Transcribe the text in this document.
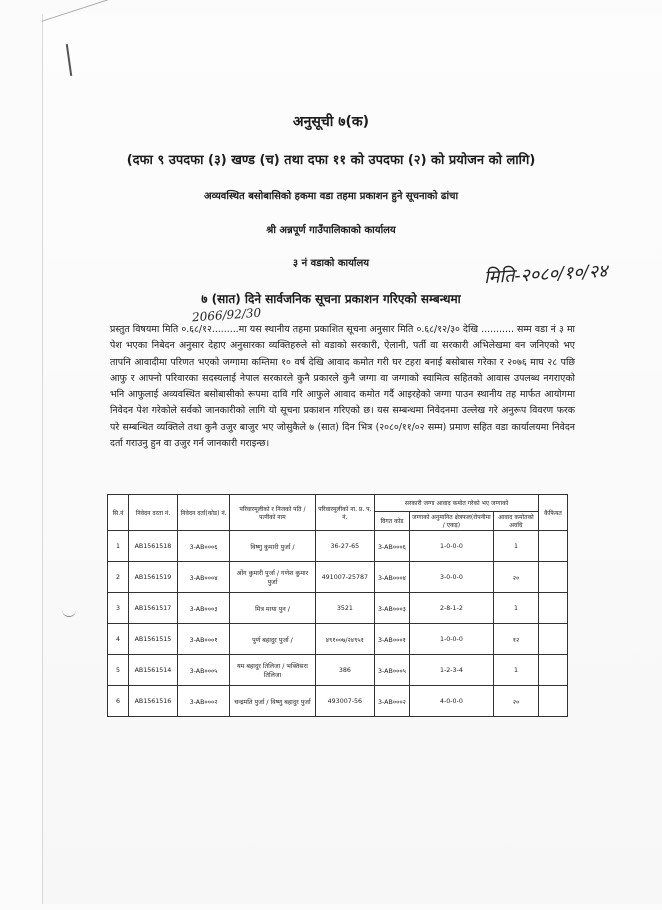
अनुसूची ७(क)
(दफा ९ उपदफा (३) खण्ड (च) तथा दफा ११ को उपदफा (२) को प्रयोजन को लागि)
अव्यवस्थित बसोबासिको हकमा वडा तहमा प्रकाशन हुने सूचनाको ढांचा
श्री अन्नपूर्ण गाउँपालिकाको कार्यालय
३ नं वडाको कार्यालय	मिति-२०८०/१०/२४
७ (सात) दिने सार्वजनिक सूचना प्रकाशन गरिएको सम्बन्धमा
2066/92/30
प्रस्तुत विषयमा मिति ०.६८/१२.........मा यस स्थानीय तहमा प्रकाशित सूचना अनुसार मिति ०.६८/१२/३० देखि ........... सम्म वडा नं ३ मा पेश भएका निबेदन अनुसार देहाए अनुसारका व्यक्तिहरुले सो वडाको सरकारी, ऐलानी, पर्ती वा सरकारी अभिलेखमा वन जनिएको भए तापनि आवादीमा परिणत भएको जग्गामा कम्तिमा १० वर्ष देखि आवाद कमोत गरी घर टहरा बनाई बसोबास गरेका र २०७६ माघ २८ पछि आफु र आफ्नो परिवारका सदस्यलाई नेपाल सरकारले कुनै प्रकारले कुनै जग्गा वा जग्गाको स्वामित्व सहितको आवास उपलब्ध नगराएको भनि आफुलाई अव्यवस्थित बसोबासीको रूपमा दावि गरि आफुले आवाद कमोत गर्दै आइरहेको जग्गा पाउन स्थानीय तह मार्फत आयोगमा निवेदन पेश गरेकोले सर्वको जानकारीको लागि यो सूचना प्रकाशन गरिएको छ। यस सम्बन्धमा निवेदनमा उल्लेख गरे अनुरूप विवरण फरक परे सम्बन्धित व्यक्तिले तथा कुनै उजुर बाजुर भए जोसुकैले ७ (सात) दिन भित्र (२०८०/११/०२ सम्म) प्रमाण सहित वडा कार्यालयमा निवेदन दर्ता गराउनु हुन वा उजुर गर्न जानकारी गराइन्छ।
सि.नं	निवेदन दरता नं.	निवेदन दर्ता(कोड) नं.	परिवारमूलीको र निजको पति / पत्नीको नाम	परिवारमूलीको ना. प्र. प. नं.	सरकारी जग्गा आवाद कमोत गरेको भए जग्गाको			कैफियत
					विगत कोड	जग्गाको अनुमानित क्षेत्रफल(रोपनीमा / एकड़)	आवाद कमोतको अवधि	
1	AB1561518	3-AB०००६	विष्णु कुमारी पुर्जा /	36-27-65	3-AB०००६	1-0-0-0	1	
2	AB1561519	3-AB०००४	ओंग कुमारी पुर्जा / गणेश कुमार पुर्जा	491007-25787	3-AB०००४	3-0-0-0	२०	
3	AB1561517	3-AB०००३	मित्र माया पुन /	3521	3-AB०००३	2-8-1-2	1	
4	AB1561515	3-AB०००१	पुर्ण बहादुर पुर्जा /	४९१००७/२४९५१	3-AB०००१	1-0-0-0	१२	
5	AB1561514	3-AB०००५	यम बहादुर तिलिजा / भक्तिसरा तिलिजा	386	3-AB०००५	1-2-3-4	1	
6	AB1561516	3-AB०००२	चन्द्रमति पुर्जा / विष्णु बहादुर पुर्जा	493007-56	3-AB०००२	4-0-0-0	२०	
